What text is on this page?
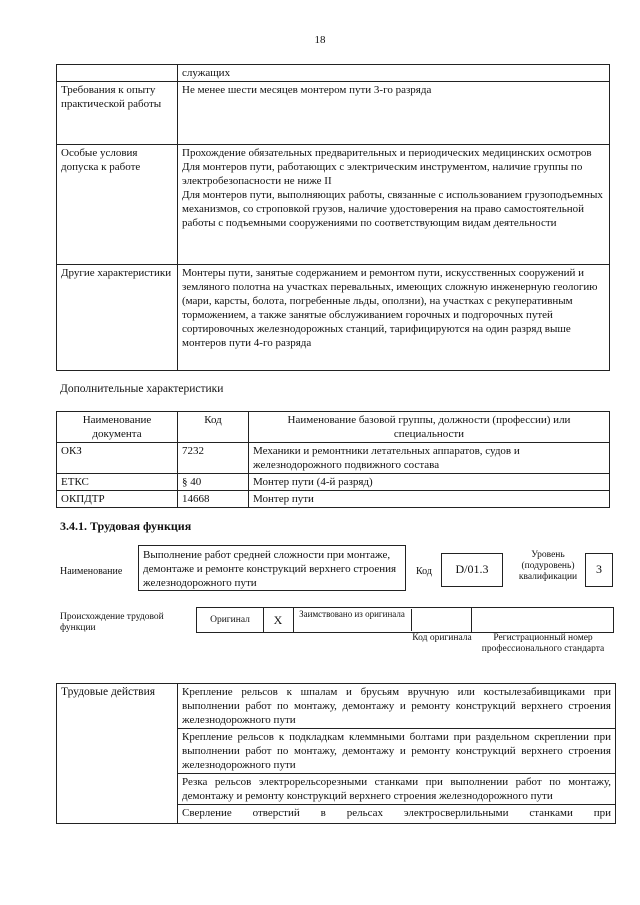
18
	служащих
Требования к опыту практической работы	Не менее шести месяцев монтером пути 3-го разряда
Особые условия допуска к работе	Прохождение обязательных предварительных и периодических медицинских осмотров
Для монтеров пути, работающих с электрическим инструментом, наличие группы по электробезопасности не ниже II
Для монтеров пути, выполняющих работы, связанные с использованием грузоподъемных механизмов, со строповкой грузов, наличие удостоверения на право самостоятельной работы с подъемными сооружениями по соответствующим видам деятельности
Другие характеристики	Монтеры пути, занятые содержанием и ремонтом пути, искусственных сооружений и земляного полотна на участках перевальных, имеющих сложную инженерную геологию (мари, карсты, болота, погребенные льды, оползни), на участках с рекуперативным торможением, а также занятые обслуживанием горочных и подгорочных путей сортировочных железнодорожных станций, тарифицируются на один разряд выше монтеров пути 4-го разряда
Дополнительные характеристики
Наименование документа	Код	Наименование базовой группы, должности (профессии) или специальности
ОКЗ	7232	Механики и ремонтники летательных аппаратов, судов и железнодорожного подвижного состава
ЕТКС	§ 40	Монтер пути (4-й разряд)
ОКПДТР	14668	Монтер пути
3.4.1. Трудовая функция
Наименование
Выполнение работ средней сложности при монтаже, демонтаже и ремонте конструкций верхнего строения железнодорожного пути
Код	D/01.3
Уровень (подуровень) квалификации
3
Происхождение трудовой функции
Оригинал	X	Заимствовано из оригинала
Код оригинала	Регистрационный номер профессионального стандарта
Трудовые действия	Крепление рельсов к шпалам и брусьям вручную или костылезабивщиками при выполнении работ по монтажу, демонтажу и ремонту конструкций верхнего строения железнодорожного пути
Крепление рельсов к подкладкам клеммными болтами при раздельном скреплении при выполнении работ по монтажу, демонтажу и ремонту конструкций верхнего строения железнодорожного пути
Резка рельсов электрорельсорезными станками при выполнении работ по монтажу, демонтажу и ремонту конструкций верхнего строения железнодорожного пути
Сверление отверстий в рельсах электросверлильными станками при
